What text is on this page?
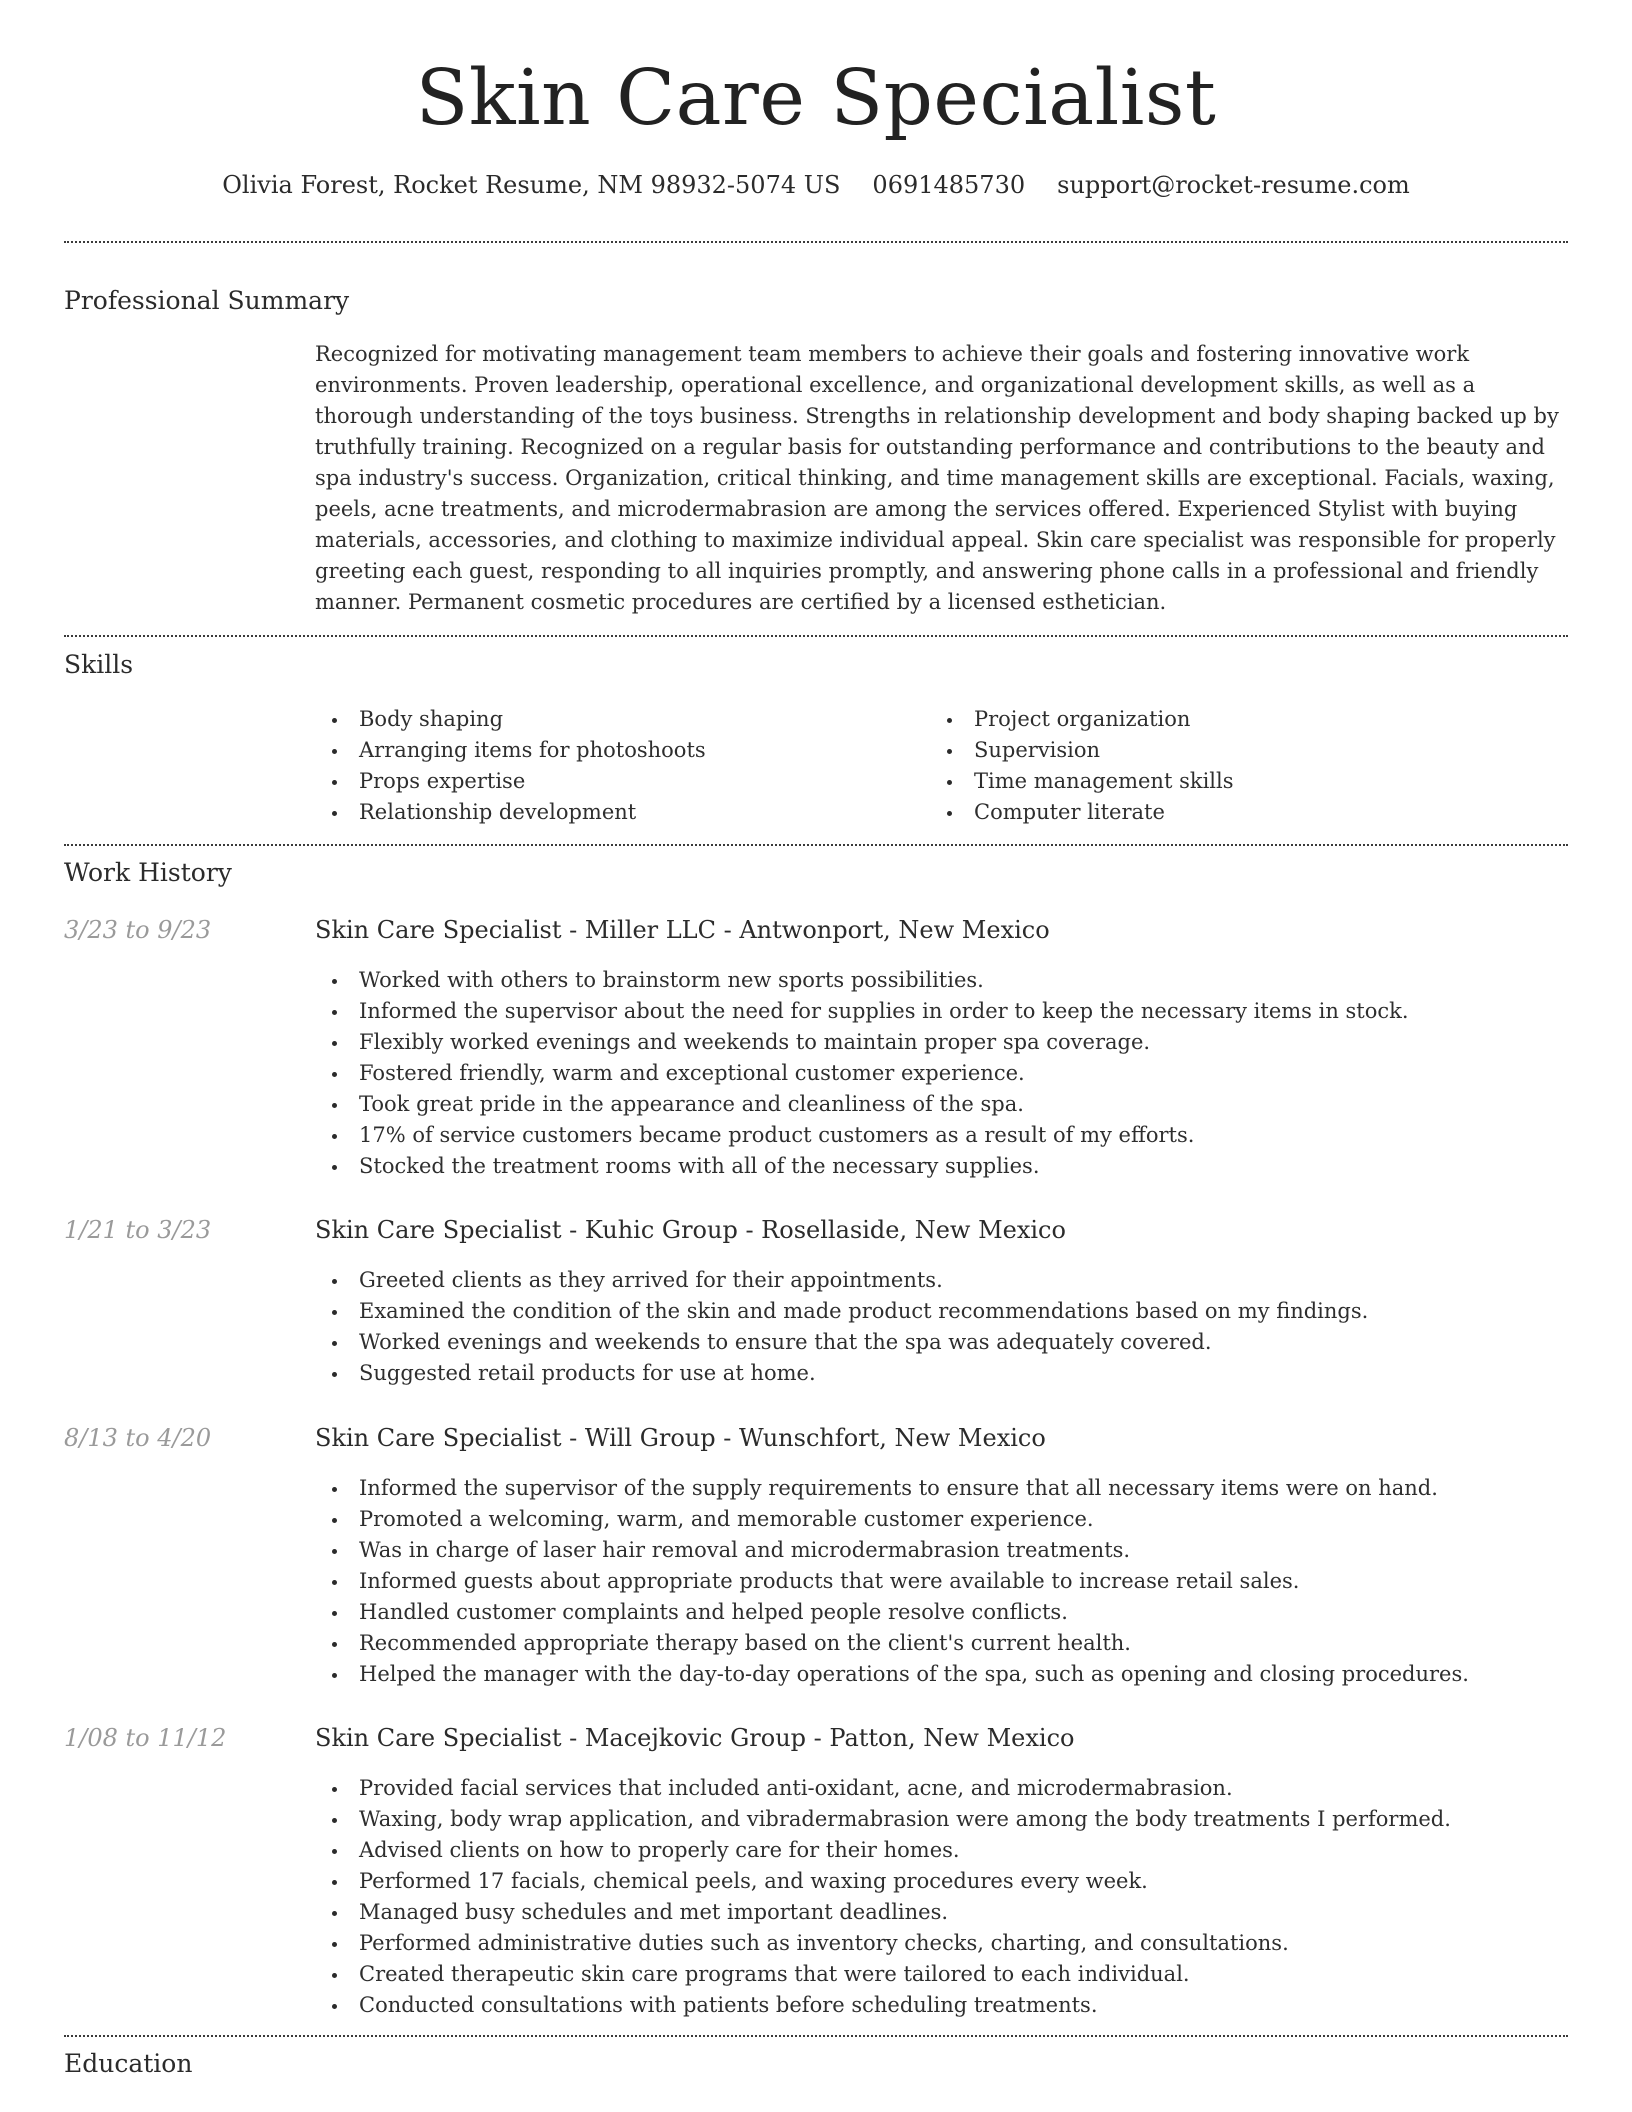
Skin Care Specialist
Olivia Forest, Rocket Resume, NM 98932-5074 US 0691485730 support@rocket-resume.com
Professional Summary

Recognized for motivating management team members to achieve their goals and fostering innovative work environments. Proven leadership, operational excellence, and organizational development skills, as well as a thorough understanding of the toys business. Strengths in relationship development and body shaping backed up by truthfully training. Recognized on a regular basis for outstanding performance and contributions to the beauty and spa industry's success. Organization, critical thinking, and time management skills are exceptional. Facials, waxing, peels, acne treatments, and microdermabrasion are among the services offered. Experienced Stylist with buying materials, accessories, and clothing to maximize individual appeal. Skin care specialist was responsible for properly greeting each guest, responding to all inquiries promptly, and answering phone calls in a professional and friendly manner. Permanent cosmetic procedures are certified by a licensed esthetician.

Skills
Body shaping
Arranging items for photoshoots
Props expertise
Relationship development
Project organization
Supervision
Time management skills
Computer literate
Work History
3/23 to 9/23	Skin Care Specialist - Miller LLC - Antwonport, New Mexico
Worked with others to brainstorm new sports possibilities.
Informed the supervisor about the need for supplies in order to keep the necessary items in stock.
Flexibly worked evenings and weekends to maintain proper spa coverage.
Fostered friendly, warm and exceptional customer experience.
Took great pride in the appearance and cleanliness of the spa.
17% of service customers became product customers as a result of my efforts.
Stocked the treatment rooms with all of the necessary supplies.
1/21 to 3/23	Skin Care Specialist - Kuhic Group - Rosellaside, New Mexico
Greeted clients as they arrived for their appointments.
Examined the condition of the skin and made product recommendations based on my findings.
Worked evenings and weekends to ensure that the spa was adequately covered.
Suggested retail products for use at home.
8/13 to 4/20	Skin Care Specialist - Will Group - Wunschfort, New Mexico
Informed the supervisor of the supply requirements to ensure that all necessary items were on hand.
Promoted a welcoming, warm, and memorable customer experience.
Was in charge of laser hair removal and microdermabrasion treatments.
Informed guests about appropriate products that were available to increase retail sales.
Handled customer complaints and helped people resolve conflicts.
Recommended appropriate therapy based on the client's current health.
Helped the manager with the day-to-day operations of the spa, such as opening and closing procedures.
1/08 to 11/12	Skin Care Specialist - Macejkovic Group - Patton, New Mexico
Provided facial services that included anti-oxidant, acne, and microdermabrasion.
Waxing, body wrap application, and vibradermabrasion were among the body treatments I performed.
Advised clients on how to properly care for their homes.
Performed 17 facials, chemical peels, and waxing procedures every week.
Managed busy schedules and met important deadlines.
Performed administrative duties such as inventory checks, charting, and consultations.
Created therapeutic skin care programs that were tailored to each individual.
Conducted consultations with patients before scheduling treatments.
Education
